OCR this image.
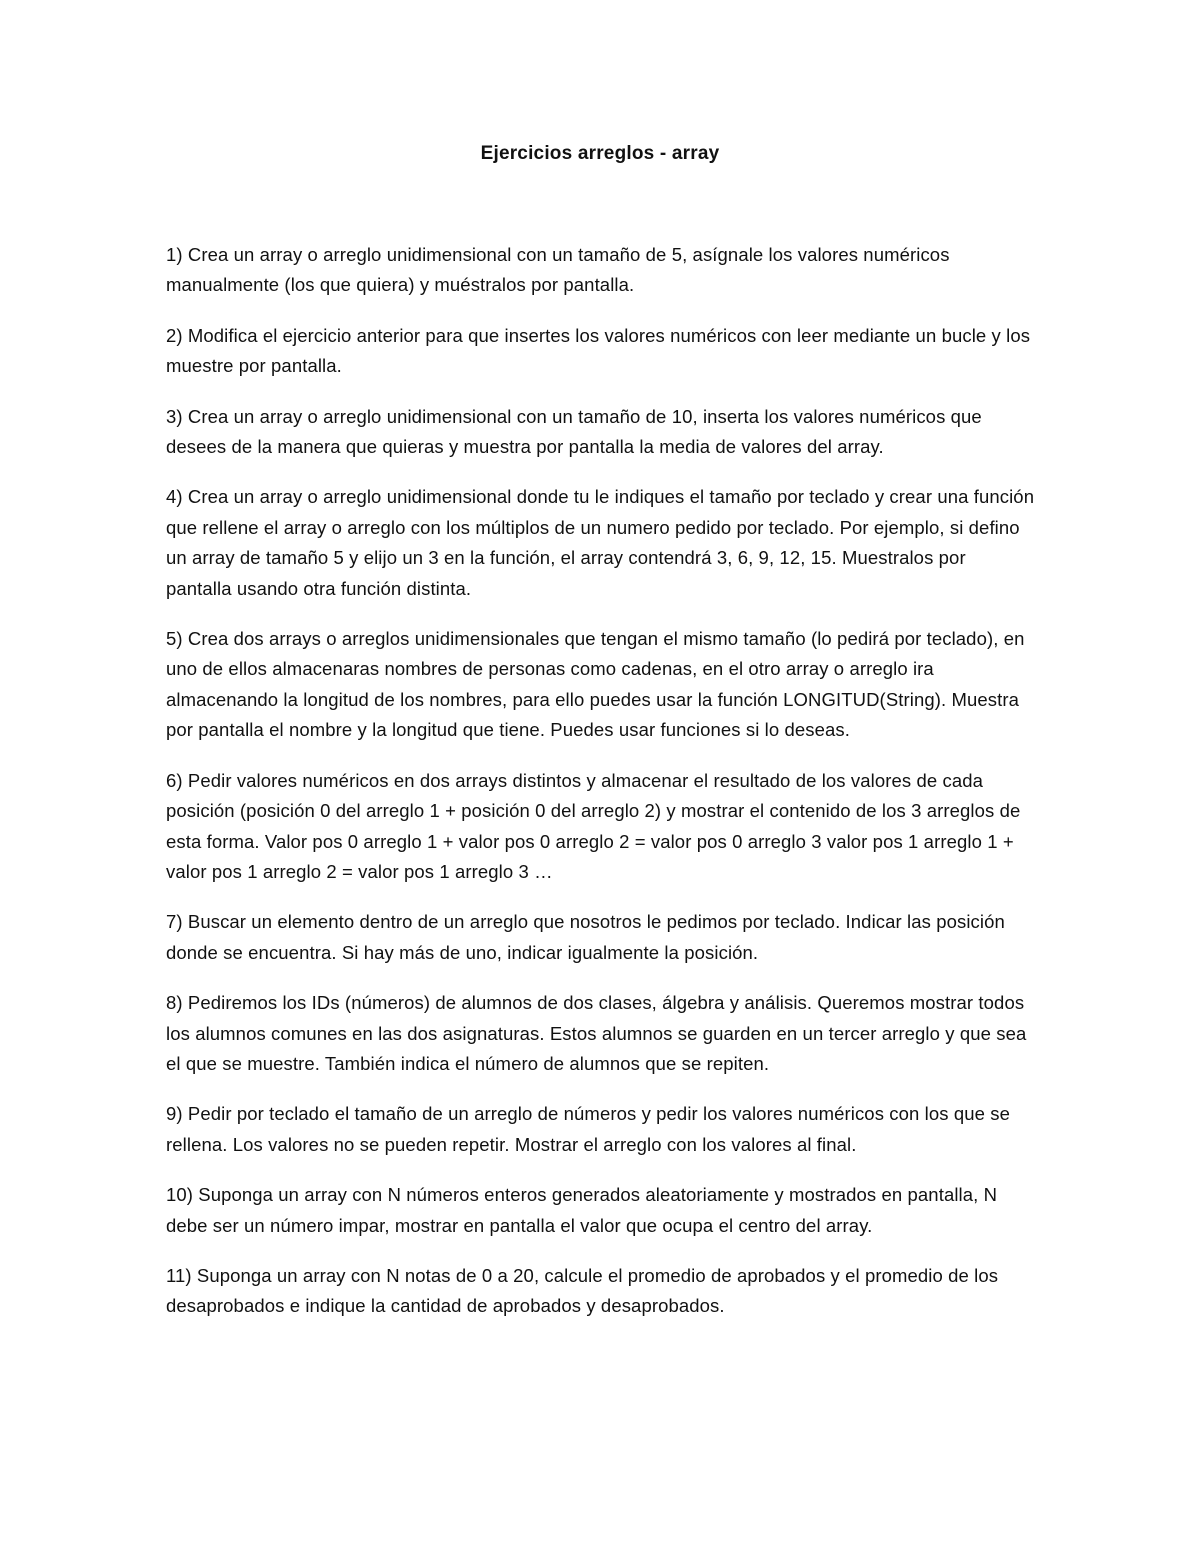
Ejercicios arreglos - array

1) Crea un array o arreglo unidimensional con un tamaño de 5, asígnale los valores numéricos manualmente (los que quiera) y muéstralos por pantalla.

2) Modifica el ejercicio anterior para que insertes los valores numéricos con leer mediante un bucle y los muestre por pantalla.

3) Crea un array o arreglo unidimensional con un tamaño de 10, inserta los valores numéricos que desees de la manera que quieras y muestra por pantalla la media de valores del array.

4) Crea un array o arreglo unidimensional donde tu le indiques el tamaño por teclado y crear una función que rellene el array o arreglo con los múltiplos de un numero pedido por teclado. Por ejemplo, si defino un array de tamaño 5 y elijo un 3 en la función, el array contendrá 3, 6, 9, 12, 15. Muestralos por pantalla usando otra función distinta.

5) Crea dos arrays o arreglos unidimensionales que tengan el mismo tamaño (lo pedirá por teclado), en uno de ellos almacenaras nombres de personas como cadenas, en el otro array o arreglo ira almacenando la longitud de los nombres, para ello puedes usar la función LONGITUD(String). Muestra por pantalla el nombre y la longitud que tiene. Puedes usar funciones si lo deseas.

6) Pedir valores numéricos en dos arrays distintos y almacenar el resultado de los valores de cada posición (posición 0 del arreglo 1 + posición 0 del arreglo 2) y mostrar el contenido de los 3 arreglos de esta forma. Valor pos 0 arreglo 1 + valor pos 0 arreglo 2 = valor pos 0 arreglo 3 valor pos 1 arreglo 1 + valor pos 1 arreglo 2 = valor pos 1 arreglo 3 …

7) Buscar un elemento dentro de un arreglo que nosotros le pedimos por teclado. Indicar las posición donde se encuentra. Si hay más de uno, indicar igualmente la posición.

8) Pediremos los IDs (números) de alumnos de dos clases, álgebra y análisis. Queremos mostrar todos los alumnos comunes en las dos asignaturas. Estos alumnos se guarden en un tercer arreglo y que sea el que se muestre. También indica el número de alumnos que se repiten.

9) Pedir por teclado el tamaño de un arreglo de números y pedir los valores numéricos con los que se rellena. Los valores no se pueden repetir. Mostrar el arreglo con los valores al final.

10) Suponga un array con N números enteros generados aleatoriamente y mostrados en pantalla, N debe ser un número impar, mostrar en pantalla el valor que ocupa el centro del array.

11) Suponga un array con N notas de 0 a 20, calcule el promedio de aprobados y el promedio de los desaprobados e indique la cantidad de aprobados y desaprobados.
